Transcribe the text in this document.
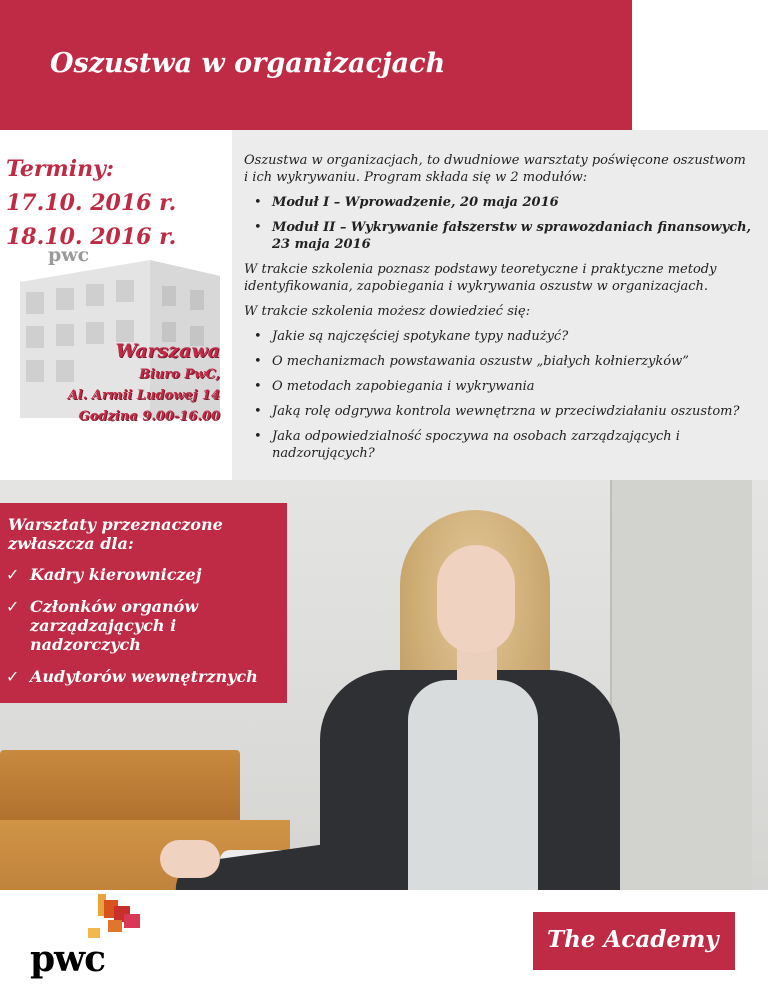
Oszustwa w organizacjach
Terminy:
17.10. 2016 r.
18.10. 2016 r.
pwc
Warszawa
Biuro PwC,
Al. Armii Ludowej 14
Godzina 9.00-16.00

Oszustwa w organizacjach, to dwudniowe warsztaty poświęcone oszustwom i ich wykrywaniu. Program składa się w 2 modułów:

• Moduł I – Wprowadzenie, 20 maja 2016
• Moduł II – Wykrywanie fałszerstw w sprawozdaniach finansowych, 23 maja 2016

W trakcie szkolenia poznasz podstawy teoretyczne i praktyczne metody identyfikowania, zapobiegania i wykrywania oszustw w organizacjach.

W trakcie szkolenia możesz dowiedzieć się:

• Jakie są najczęściej spotykane typy nadużyć?
• O mechanizmach powstawania oszustw „białych kołnierzyków”
• O metodach zapobiegania i wykrywania
• Jaką rolę odgrywa kontrola wewnętrzna w przeciwdziałaniu oszustom?
• Jaka odpowiedzialność spoczywa na osobach zarządzających i nadzorujących?
Warsztaty przeznaczone zwłaszcza dla:
✓ Kadry kierowniczej
✓ Członków organów zarządzających i nadzorczych
✓ Audytorów wewnętrznych
pwc	The Academy
